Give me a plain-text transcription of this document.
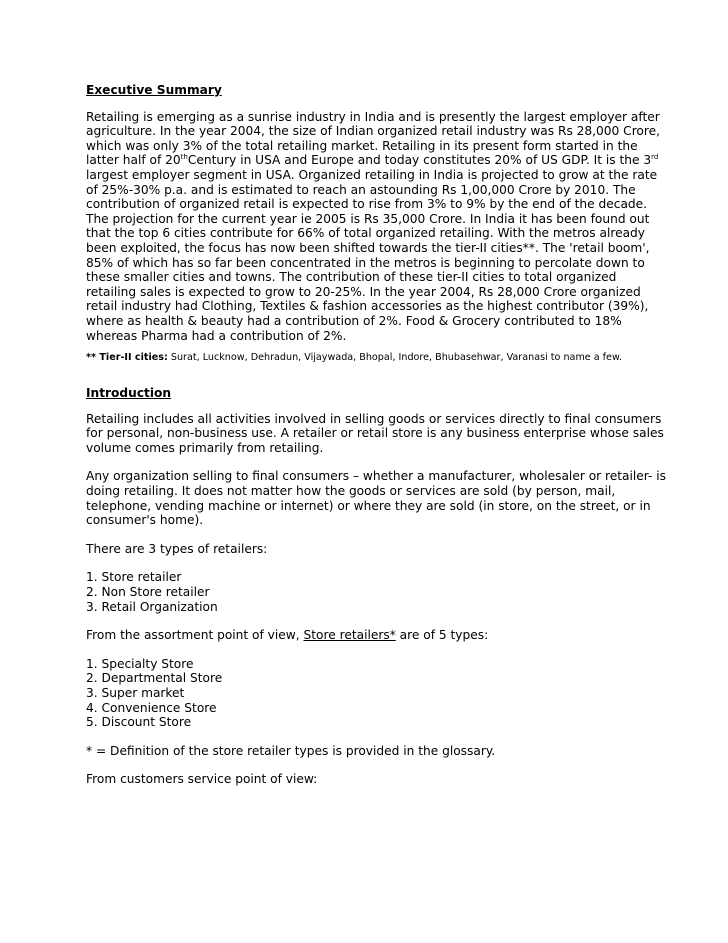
Executive Summary

Retailing is emerging as a sunrise industry in India and is presently the largest employer after agriculture. In the year 2004, the size of Indian organized retail industry was Rs 28,000 Crore, which was only 3% of the total retailing market. Retailing in its present form started in the latter half of 20thCentury in USA and Europe and today constitutes 20% of US GDP. It is the 3rd largest employer segment in USA. Organized retailing in India is projected to grow at the rate of 25%-30% p.a. and is estimated to reach an astounding Rs 1,00,000 Crore by 2010. The contribution of organized retail is expected to rise from 3% to 9% by the end of the decade. The projection for the current year ie 2005 is Rs 35,000 Crore. In India it has been found out that the top 6 cities contribute for 66% of total organized retailing. With the metros already been exploited, the focus has now been shifted towards the tier-II cities**. The 'retail boom', 85% of which has so far been concentrated in the metros is beginning to percolate down to these smaller cities and towns. The contribution of these tier-II cities to total organized retailing sales is expected to grow to 20-25%. In the year 2004, Rs 28,000 Crore organized retail industry had Clothing, Textiles & fashion accessories as the highest contributor (39%), where as health & beauty had a contribution of 2%. Food & Grocery contributed to 18% whereas Pharma had a contribution of 2%.

** Tier-II cities: Surat, Lucknow, Dehradun, Vijaywada, Bhopal, Indore, Bhubasehwar, Varanasi to name a few.

Introduction

Retailing includes all activities involved in selling goods or services directly to final consumers for personal, non-business use. A retailer or retail store is any business enterprise whose sales volume comes primarily from retailing.

Any organization selling to final consumers – whether a manufacturer, wholesaler or retailer- is doing retailing. It does not matter how the goods or services are sold (by person, mail, telephone, vending machine or internet) or where they are sold (in store, on the street, or in consumer's home).

There are 3 types of retailers:

1. Store retailer
2. Non Store retailer
3. Retail Organization

From the assortment point of view, Store retailers* are of 5 types:

1. Specialty Store
2. Departmental Store
3. Super market
4. Convenience Store
5. Discount Store

* = Definition of the store retailer types is provided in the glossary.

From customers service point of view:
